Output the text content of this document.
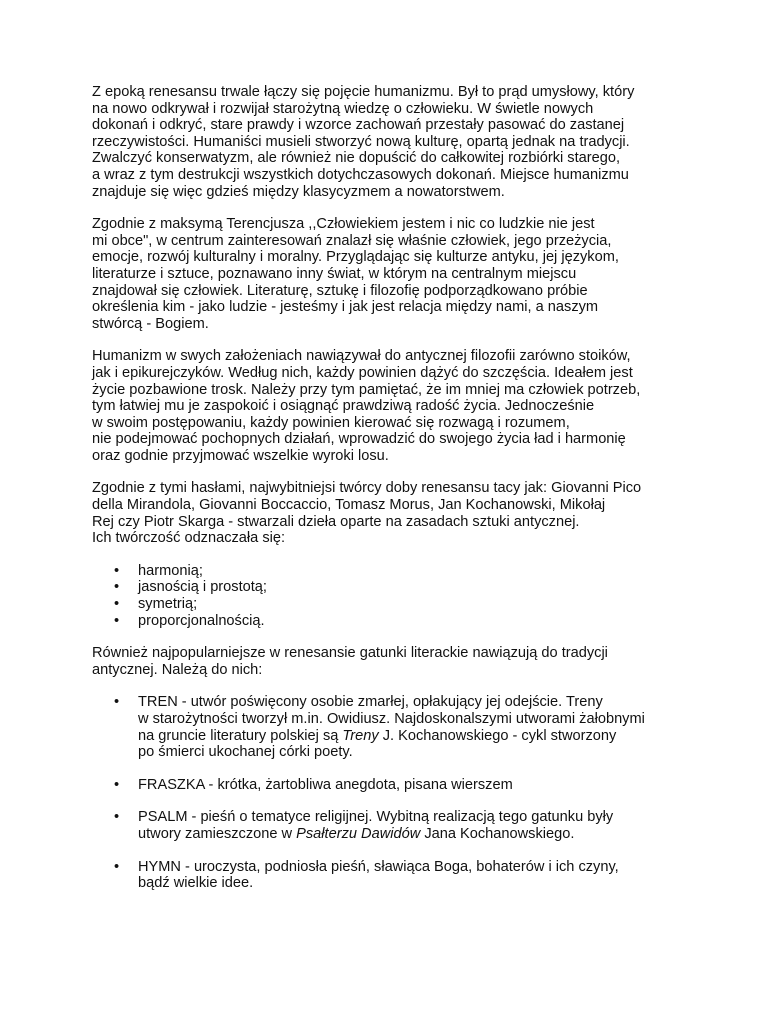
Z epoką renesansu trwale łączy się pojęcie humanizmu. Był to prąd umysłowy, który
na nowo odkrywał i rozwijał starożytną wiedzę o człowieku. W świetle nowych
dokonań i odkryć, stare prawdy i wzorce zachowań przestały pasować do zastanej
rzeczywistości. Humaniści musieli stworzyć nową kulturę, opartą jednak na tradycji.
Zwalczyć konserwatyzm, ale również nie dopuścić do całkowitej rozbiórki starego,
a wraz z tym destrukcji wszystkich dotychczasowych dokonań. Miejsce humanizmu
znajduje się więc gdzieś między klasycyzmem a nowatorstwem.

Zgodnie z maksymą Terencjusza ,,Człowiekiem jestem i nic co ludzkie nie jest
mi obce", w centrum zainteresowań znalazł się właśnie człowiek, jego przeżycia,
emocje, rozwój kulturalny i moralny. Przyglądając się kulturze antyku, jej językom,
literaturze i sztuce, poznawano inny świat, w którym na centralnym miejscu
znajdował się człowiek. Literaturę, sztukę i filozofię podporządkowano próbie
określenia kim - jako ludzie - jesteśmy i jak jest relacja między nami, a naszym
stwórcą - Bogiem.

Humanizm w swych założeniach nawiązywał do antycznej filozofii zarówno stoików,
jak i epikurejczyków. Według nich, każdy powinien dążyć do szczęścia. Ideałem jest
życie pozbawione trosk. Należy przy tym pamiętać, że im mniej ma człowiek potrzeb,
tym łatwiej mu je zaspokoić i osiągnąć prawdziwą radość życia. Jednocześnie
w swoim postępowaniu, każdy powinien kierować się rozwagą i rozumem,
nie podejmować pochopnych działań, wprowadzić do swojego życia ład i harmonię
oraz godnie przyjmować wszelkie wyroki losu.

Zgodnie z tymi hasłami, najwybitniejsi twórcy doby renesansu tacy jak: Giovanni Pico
della Mirandola, Giovanni Boccaccio, Tomasz Morus, Jan Kochanowski, Mikołaj
Rej czy Piotr Skarga - stwarzali dzieła oparte na zasadach sztuki antycznej.
Ich twórczość odznaczała się:

• harmonią;
• jasnością i prostotą;
• symetrią;
• proporcjonalnością.

Również najpopularniejsze w renesansie gatunki literackie nawiązują do tradycji
antycznej. Należą do nich:

• TREN - utwór poświęcony osobie zmarłej, opłakujący jej odejście. Treny
w starożytności tworzył m.in. Owidiusz. Najdoskonalszymi utworami żałobnymi
na gruncie literatury polskiej są Treny J. Kochanowskiego - cykl stworzony
po śmierci ukochanej córki poety.
• FRASZKA - krótka, żartobliwa anegdota, pisana wierszem
• PSALM - pieśń o tematyce religijnej. Wybitną realizacją tego gatunku były
utwory zamieszczone w Psałterzu Dawidów Jana Kochanowskiego.
• HYMN - uroczysta, podniosła pieśń, sławiąca Boga, bohaterów i ich czyny,
bądź wielkie idee.
